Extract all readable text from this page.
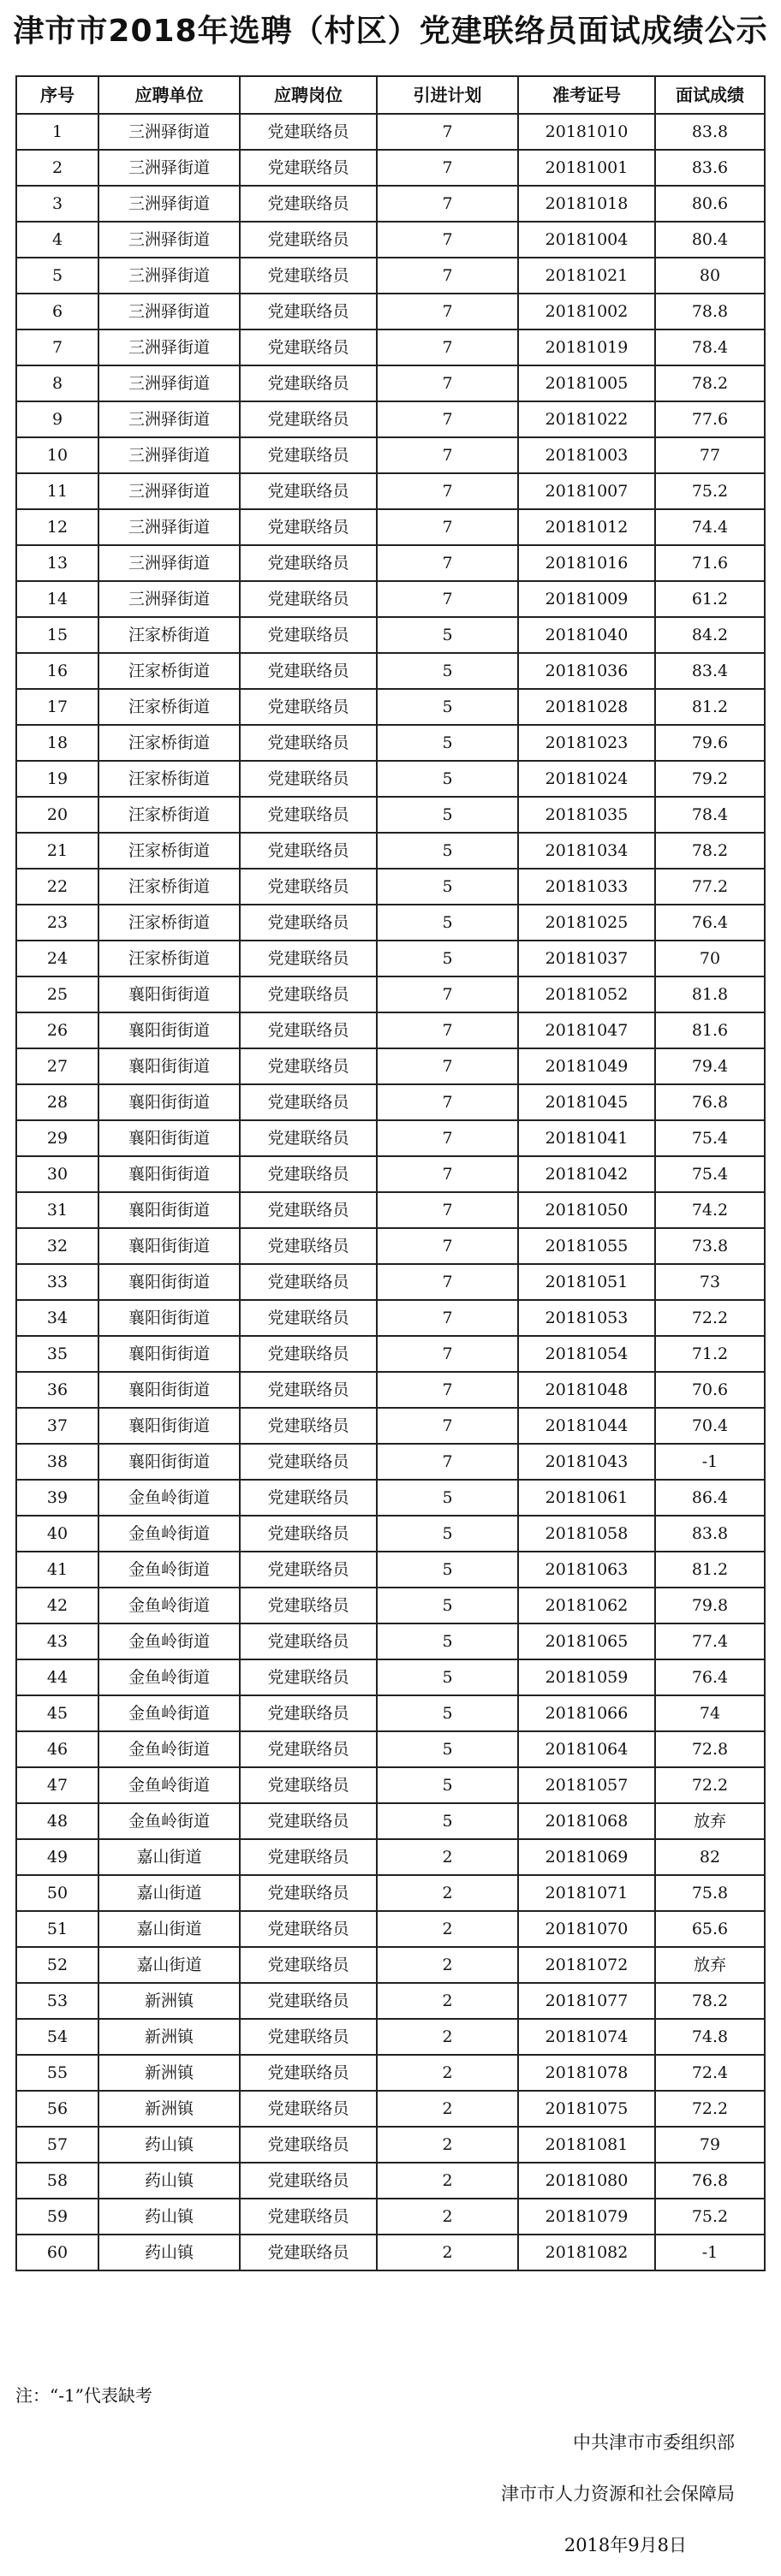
津市市2018年选聘（村区）党建联络员面试成绩公示
序号	应聘单位	应聘岗位	引进计划	准考证号	面试成绩
1	三洲驿街道	党建联络员	7	20181010	83.8
2	三洲驿街道	党建联络员	7	20181001	83.6
3	三洲驿街道	党建联络员	7	20181018	80.6
4	三洲驿街道	党建联络员	7	20181004	80.4
5	三洲驿街道	党建联络员	7	20181021	80
6	三洲驿街道	党建联络员	7	20181002	78.8
7	三洲驿街道	党建联络员	7	20181019	78.4
8	三洲驿街道	党建联络员	7	20181005	78.2
9	三洲驿街道	党建联络员	7	20181022	77.6
10	三洲驿街道	党建联络员	7	20181003	77
11	三洲驿街道	党建联络员	7	20181007	75.2
12	三洲驿街道	党建联络员	7	20181012	74.4
13	三洲驿街道	党建联络员	7	20181016	71.6
14	三洲驿街道	党建联络员	7	20181009	61.2
15	汪家桥街道	党建联络员	5	20181040	84.2
16	汪家桥街道	党建联络员	5	20181036	83.4
17	汪家桥街道	党建联络员	5	20181028	81.2
18	汪家桥街道	党建联络员	5	20181023	79.6
19	汪家桥街道	党建联络员	5	20181024	79.2
20	汪家桥街道	党建联络员	5	20181035	78.4
21	汪家桥街道	党建联络员	5	20181034	78.2
22	汪家桥街道	党建联络员	5	20181033	77.2
23	汪家桥街道	党建联络员	5	20181025	76.4
24	汪家桥街道	党建联络员	5	20181037	70
25	襄阳街街道	党建联络员	7	20181052	81.8
26	襄阳街街道	党建联络员	7	20181047	81.6
27	襄阳街街道	党建联络员	7	20181049	79.4
28	襄阳街街道	党建联络员	7	20181045	76.8
29	襄阳街街道	党建联络员	7	20181041	75.4
30	襄阳街街道	党建联络员	7	20181042	75.4
31	襄阳街街道	党建联络员	7	20181050	74.2
32	襄阳街街道	党建联络员	7	20181055	73.8
33	襄阳街街道	党建联络员	7	20181051	73
34	襄阳街街道	党建联络员	7	20181053	72.2
35	襄阳街街道	党建联络员	7	20181054	71.2
36	襄阳街街道	党建联络员	7	20181048	70.6
37	襄阳街街道	党建联络员	7	20181044	70.4
38	襄阳街街道	党建联络员	7	20181043	-1
39	金鱼岭街道	党建联络员	5	20181061	86.4
40	金鱼岭街道	党建联络员	5	20181058	83.8
41	金鱼岭街道	党建联络员	5	20181063	81.2
42	金鱼岭街道	党建联络员	5	20181062	79.8
43	金鱼岭街道	党建联络员	5	20181065	77.4
44	金鱼岭街道	党建联络员	5	20181059	76.4
45	金鱼岭街道	党建联络员	5	20181066	74
46	金鱼岭街道	党建联络员	5	20181064	72.8
47	金鱼岭街道	党建联络员	5	20181057	72.2
48	金鱼岭街道	党建联络员	5	20181068	放弃
49	嘉山街道	党建联络员	2	20181069	82
50	嘉山街道	党建联络员	2	20181071	75.8
51	嘉山街道	党建联络员	2	20181070	65.6
52	嘉山街道	党建联络员	2	20181072	放弃
53	新洲镇	党建联络员	2	20181077	78.2
54	新洲镇	党建联络员	2	20181074	74.8
55	新洲镇	党建联络员	2	20181078	72.4
56	新洲镇	党建联络员	2	20181075	72.2
57	药山镇	党建联络员	2	20181081	79
58	药山镇	党建联络员	2	20181080	76.8
59	药山镇	党建联络员	2	20181079	75.2
60	药山镇	党建联络员	2	20181082	-1
注：“-1”代表缺考
中共津市市委组织部
津市市人力资源和社会保障局
2018年9月8日
